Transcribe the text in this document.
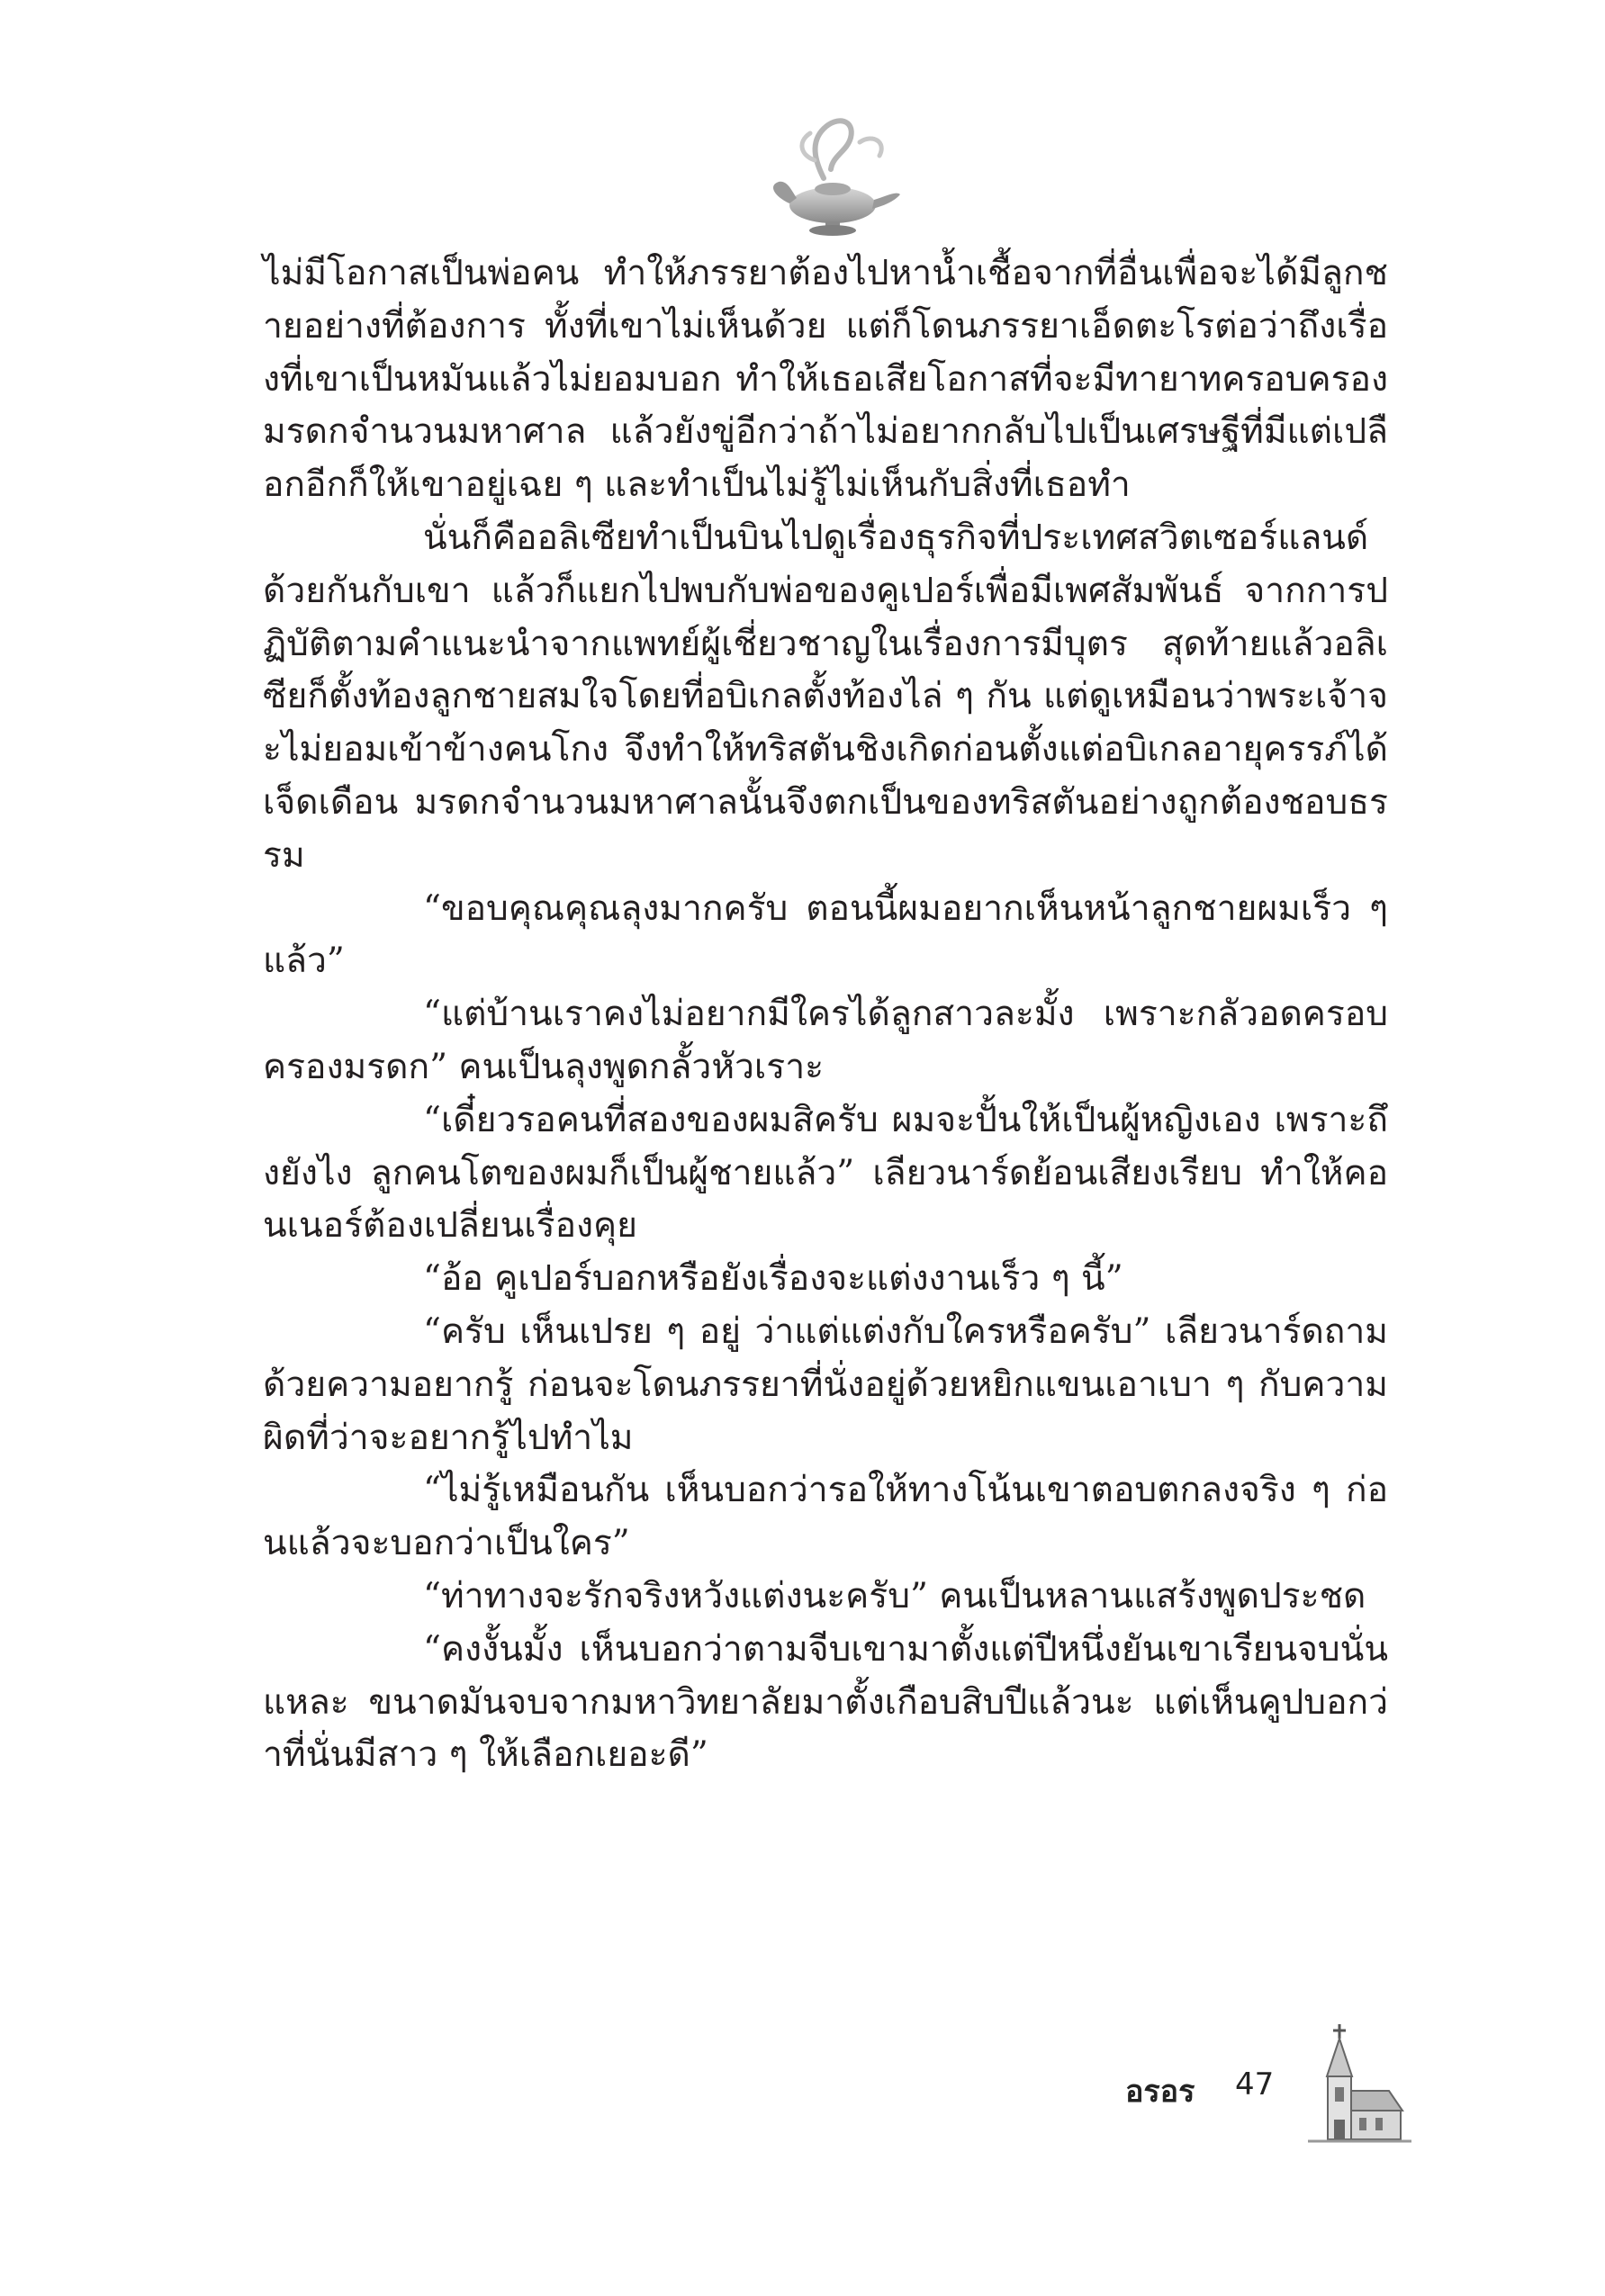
ไม่มีโอกาสเป็นพ่อคน ทำให้ภรรยาต้องไปหาน้ำเชื้อจากที่อื่นเพื่อจะได้มีลูกชายอย่างที่ต้องการ ทั้งที่เขาไม่เห็นด้วย แต่ก็โดนภรรยาเอ็ดตะโรต่อว่าถึงเรื่องที่เขาเป็นหมันแล้วไม่ยอมบอก ทำให้เธอเสียโอกาสที่จะมีทายาทครอบครองมรดกจำนวนมหาศาล แล้วยังขู่อีกว่าถ้าไม่อยากกลับไปเป็นเศรษฐีที่มีแต่เปลือกอีกก็ให้เขาอยู่เฉย ๆ และทำเป็นไม่รู้ไม่เห็นกับสิ่งที่เธอทำ

นั่นก็คืออลิเซียทำเป็นบินไปดูเรื่องธุรกิจที่ประเทศสวิตเซอร์แลนด์ด้วยกันกับเขา แล้วก็แยกไปพบกับพ่อของคูเปอร์เพื่อมีเพศสัมพันธ์ จากการปฏิบัติตามคำแนะนำจากแพทย์ผู้เชี่ยวชาญในเรื่องการมีบุตร สุดท้ายแล้วอลิเซียก็ตั้งท้องลูกชายสมใจโดยที่อบิเกลตั้งท้องไล่ ๆ กัน แต่ดูเหมือนว่าพระเจ้าจะไม่ยอมเข้าข้างคนโกง จึงทำให้ทริสตันชิงเกิดก่อนตั้งแต่อบิเกลอายุครรภ์ได้เจ็ดเดือน มรดกจำนวนมหาศาลนั้นจึงตกเป็นของทริสตันอย่างถูกต้องชอบธรรม

“ขอบคุณคุณลุงมากครับ ตอนนี้ผมอยากเห็นหน้าลูกชายผมเร็ว ๆ แล้ว”

“แต่บ้านเราคงไม่อยากมีใครได้ลูกสาวละมั้ง เพราะกลัวอดครอบครองมรดก” คนเป็นลุงพูดกลั้วหัวเราะ

“เดี๋ยวรอคนที่สองของผมสิครับ ผมจะปั้นให้เป็นผู้หญิงเอง เพราะถึงยังไง ลูกคนโตของผมก็เป็นผู้ชายแล้ว” เลียวนาร์ดย้อนเสียงเรียบ ทำให้คอนเนอร์ต้องเปลี่ยนเรื่องคุย

“อ้อ คูเปอร์บอกหรือยังเรื่องจะแต่งงานเร็ว ๆ นี้”

“ครับ เห็นเปรย ๆ อยู่ ว่าแต่แต่งกับใครหรือครับ” เลียวนาร์ดถามด้วยความอยากรู้ ก่อนจะโดนภรรยาที่นั่งอยู่ด้วยหยิกแขนเอาเบา ๆ กับความผิดที่ว่าจะอยากรู้ไปทำไม

“ไม่รู้เหมือนกัน เห็นบอกว่ารอให้ทางโน้นเขาตอบตกลงจริง ๆ ก่อนแล้วจะบอกว่าเป็นใคร”

“ท่าทางจะรักจริงหวังแต่งนะครับ” คนเป็นหลานแสร้งพูดประชด

“คงงั้นมั้ง เห็นบอกว่าตามจีบเขามาตั้งแต่ปีหนึ่งยันเขาเรียนจบนั่นแหละ ขนาดมันจบจากมหาวิทยาลัยมาตั้งเกือบสิบปีแล้วนะ แต่เห็นคูปบอกว่าที่นั่นมีสาว ๆ ให้เลือกเยอะดี”

อรอร 47
